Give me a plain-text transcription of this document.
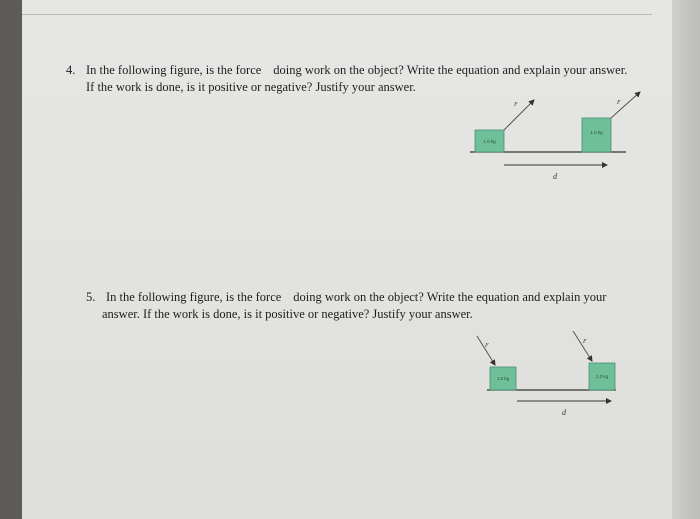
4. In the following figure, is the force doing work on the object? Write the equation and explain your answer.
If the work is done, is it positive or negative? Justify your answer.
5. In the following figure, is the force doing work on the object? Write the equation and explain your
answer. If the work is done, is it positive or negative? Justify your answer.
1.0 kg
1.0 kg
F	F
d
1.0 kg	1.0 kg
F
F
d
